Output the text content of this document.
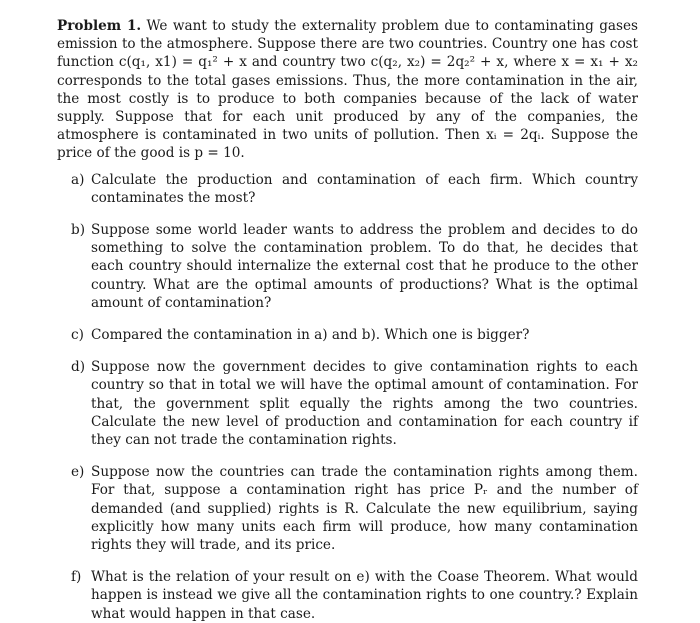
Problem 1. We want to study the externality problem due to contaminating gases emission to the atmosphere. Suppose there are two countries. Country one has cost function c(q₁, x1) = q₁² + x and country two c(q₂, x₂) = 2q₂² + x, where x = x₁ + x₂ corresponds to the total gases emissions. Thus, the more contamination in the air, the most costly is to produce to both companies because of the lack of water supply. Suppose that for each unit produced by any of the companies, the atmosphere is contaminated in two units of pollution. Then xᵢ = 2qᵢ. Suppose the price of the good is p = 10.

a) Calculate the production and contamination of each firm. Which country contaminates the most?
b) Suppose some world leader wants to address the problem and decides to do something to solve the contamination problem. To do that, he decides that each country should internalize the external cost that he produce to the other country. What are the optimal amounts of productions? What is the optimal amount of contamination?
c) Compared the contamination in a) and b). Which one is bigger?
d) Suppose now the government decides to give contamination rights to each country so that in total we will have the optimal amount of contamination. For that, the government split equally the rights among the two countries. Calculate the new level of production and contamination for each country if they can not trade the contamination rights.
e) Suppose now the countries can trade the contamination rights among them. For that, suppose a contamination right has price Pᵣ and the number of demanded (and supplied) rights is R. Calculate the new equilibrium, saying explicitly how many units each firm will produce, how many contamination rights they will trade, and its price.
f) What is the relation of your result on e) with the Coase Theorem. What would happen is instead we give all the contamination rights to one country.? Explain what would happen in that case.
